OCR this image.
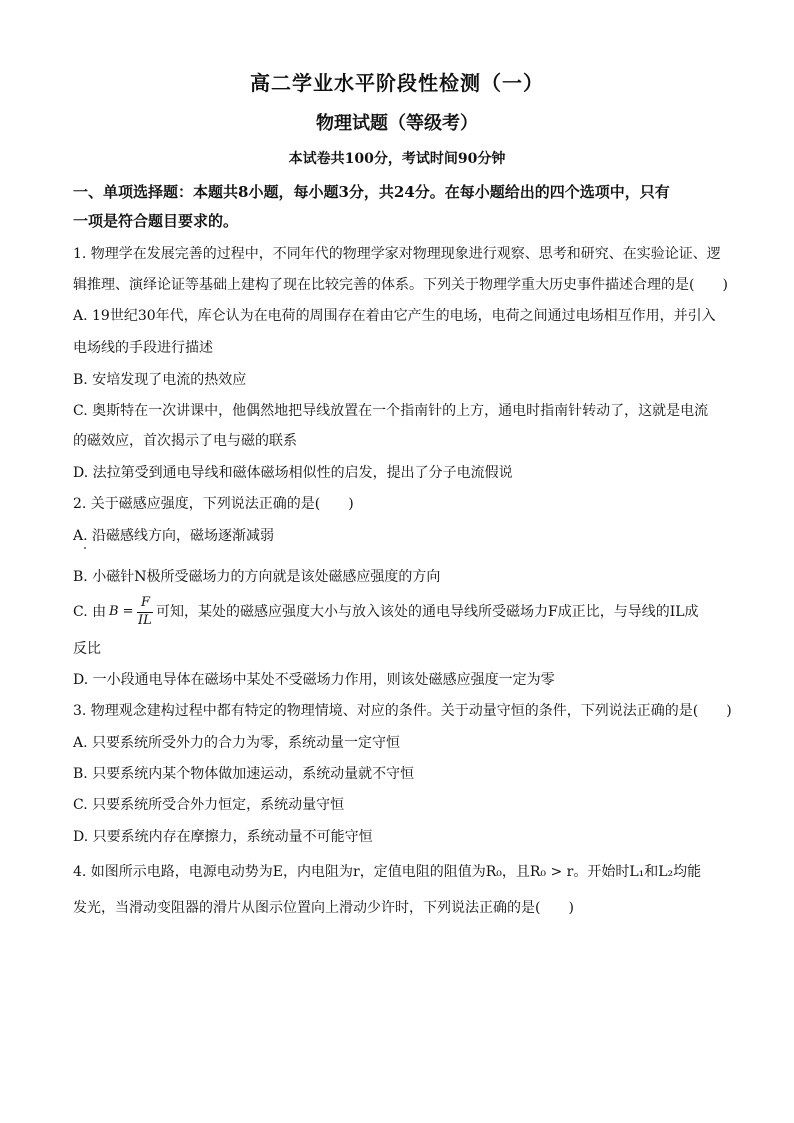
高二学业水平阶段性检测（一）
物理试题（等级考）
本试卷共100分，考试时间90分钟
一、单项选择题：本题共8小题，每小题3分，共24分。在每小题给出的四个选项中，只有
一项是符合题目要求的。
1. 物理学在发展完善的过程中，不同年代的物理学家对物理现象进行观察、思考和研究、在实验论证、逻
辑推理、演绎论证等基础上建构了现在比较完善的体系。下列关于物理学重大历史事件描述合理的是(　　)
A. 19世纪30年代，库仑认为在电荷的周围存在着由它产生的电场，电荷之间通过电场相互作用，并引入
电场线的手段进行描述
B. 安培发现了电流的热效应
C. 奥斯特在一次讲课中，他偶然地把导线放置在一个指南针的上方，通电时指南针转动了，这就是电流
的磁效应，首次揭示了电与磁的联系
D. 法拉第受到通电导线和磁体磁场相似性的启发，提出了分子电流假说
2. 关于磁感应强度，下列说法正确的是(　　)
A. 沿磁感线方向，磁场逐渐减弱
B. 小磁针N极所受磁场力的方向就是该处磁感应强度的方向
C. 由 B =
F
IL
可知，某处的磁感应强度大小与放入该处的通电导线所受磁场力F成正比，与导线的IL成
反比
D. 一小段通电导体在磁场中某处不受磁场力作用，则该处磁感应强度一定为零
3. 物理观念建构过程中都有特定的物理情境、对应的条件。关于动量守恒的条件，下列说法正确的是(　　)
A. 只要系统所受外力的合力为零，系统动量一定守恒
B. 只要系统内某个物体做加速运动，系统动量就不守恒
C. 只要系统所受合外力恒定，系统动量守恒
D. 只要系统内存在摩擦力，系统动量不可能守恒
4. 如图所示电路，电源电动势为E，内电阻为r，定值电阻的阻值为R₀，且R₀ > r。开始时L₁和L₂均能
发光，当滑动变阻器的滑片从图示位置向上滑动少许时，下列说法正确的是(　　)
